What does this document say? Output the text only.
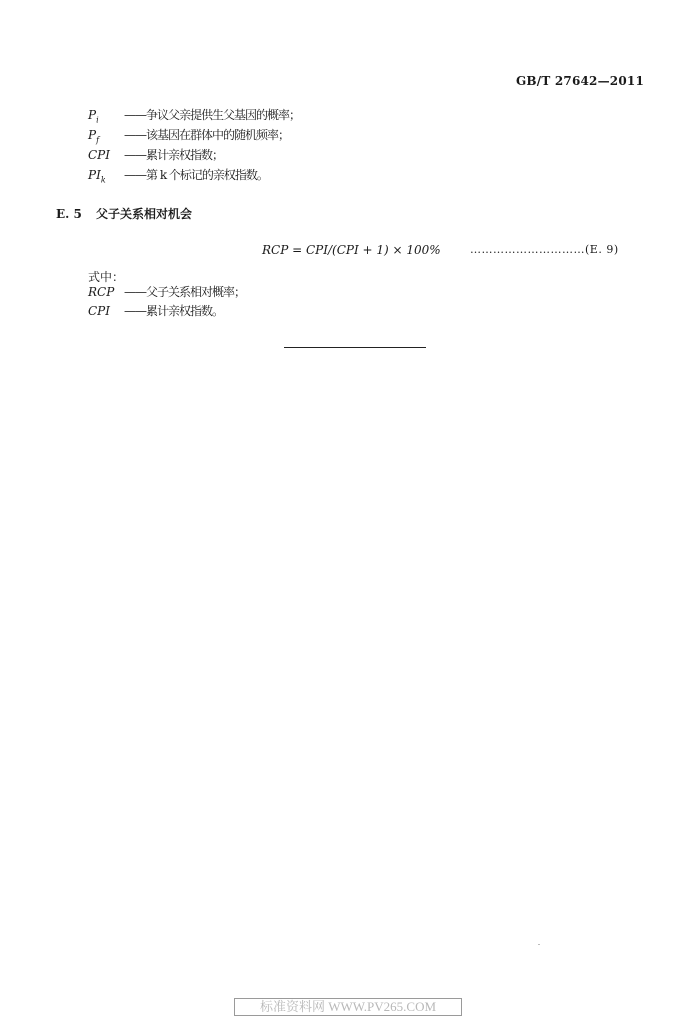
GB/T 27642—2011
$P_i$ ——争议父亲提供生父基因的概率；
$P_f$ ——该基因在群体中的随机频率；
CPI ——累计亲权指数；
$PI_k$ ——第 k 个标记的亲权指数。
E. 5 父子关系相对机会
RCP = CPI/(CPI + 1) × 100%	…………………………(E. 9)
式中：
RCP ——父子关系相对概率；
CPI ——累计亲权指数。
标准资料网 WWW.PV265.COM
